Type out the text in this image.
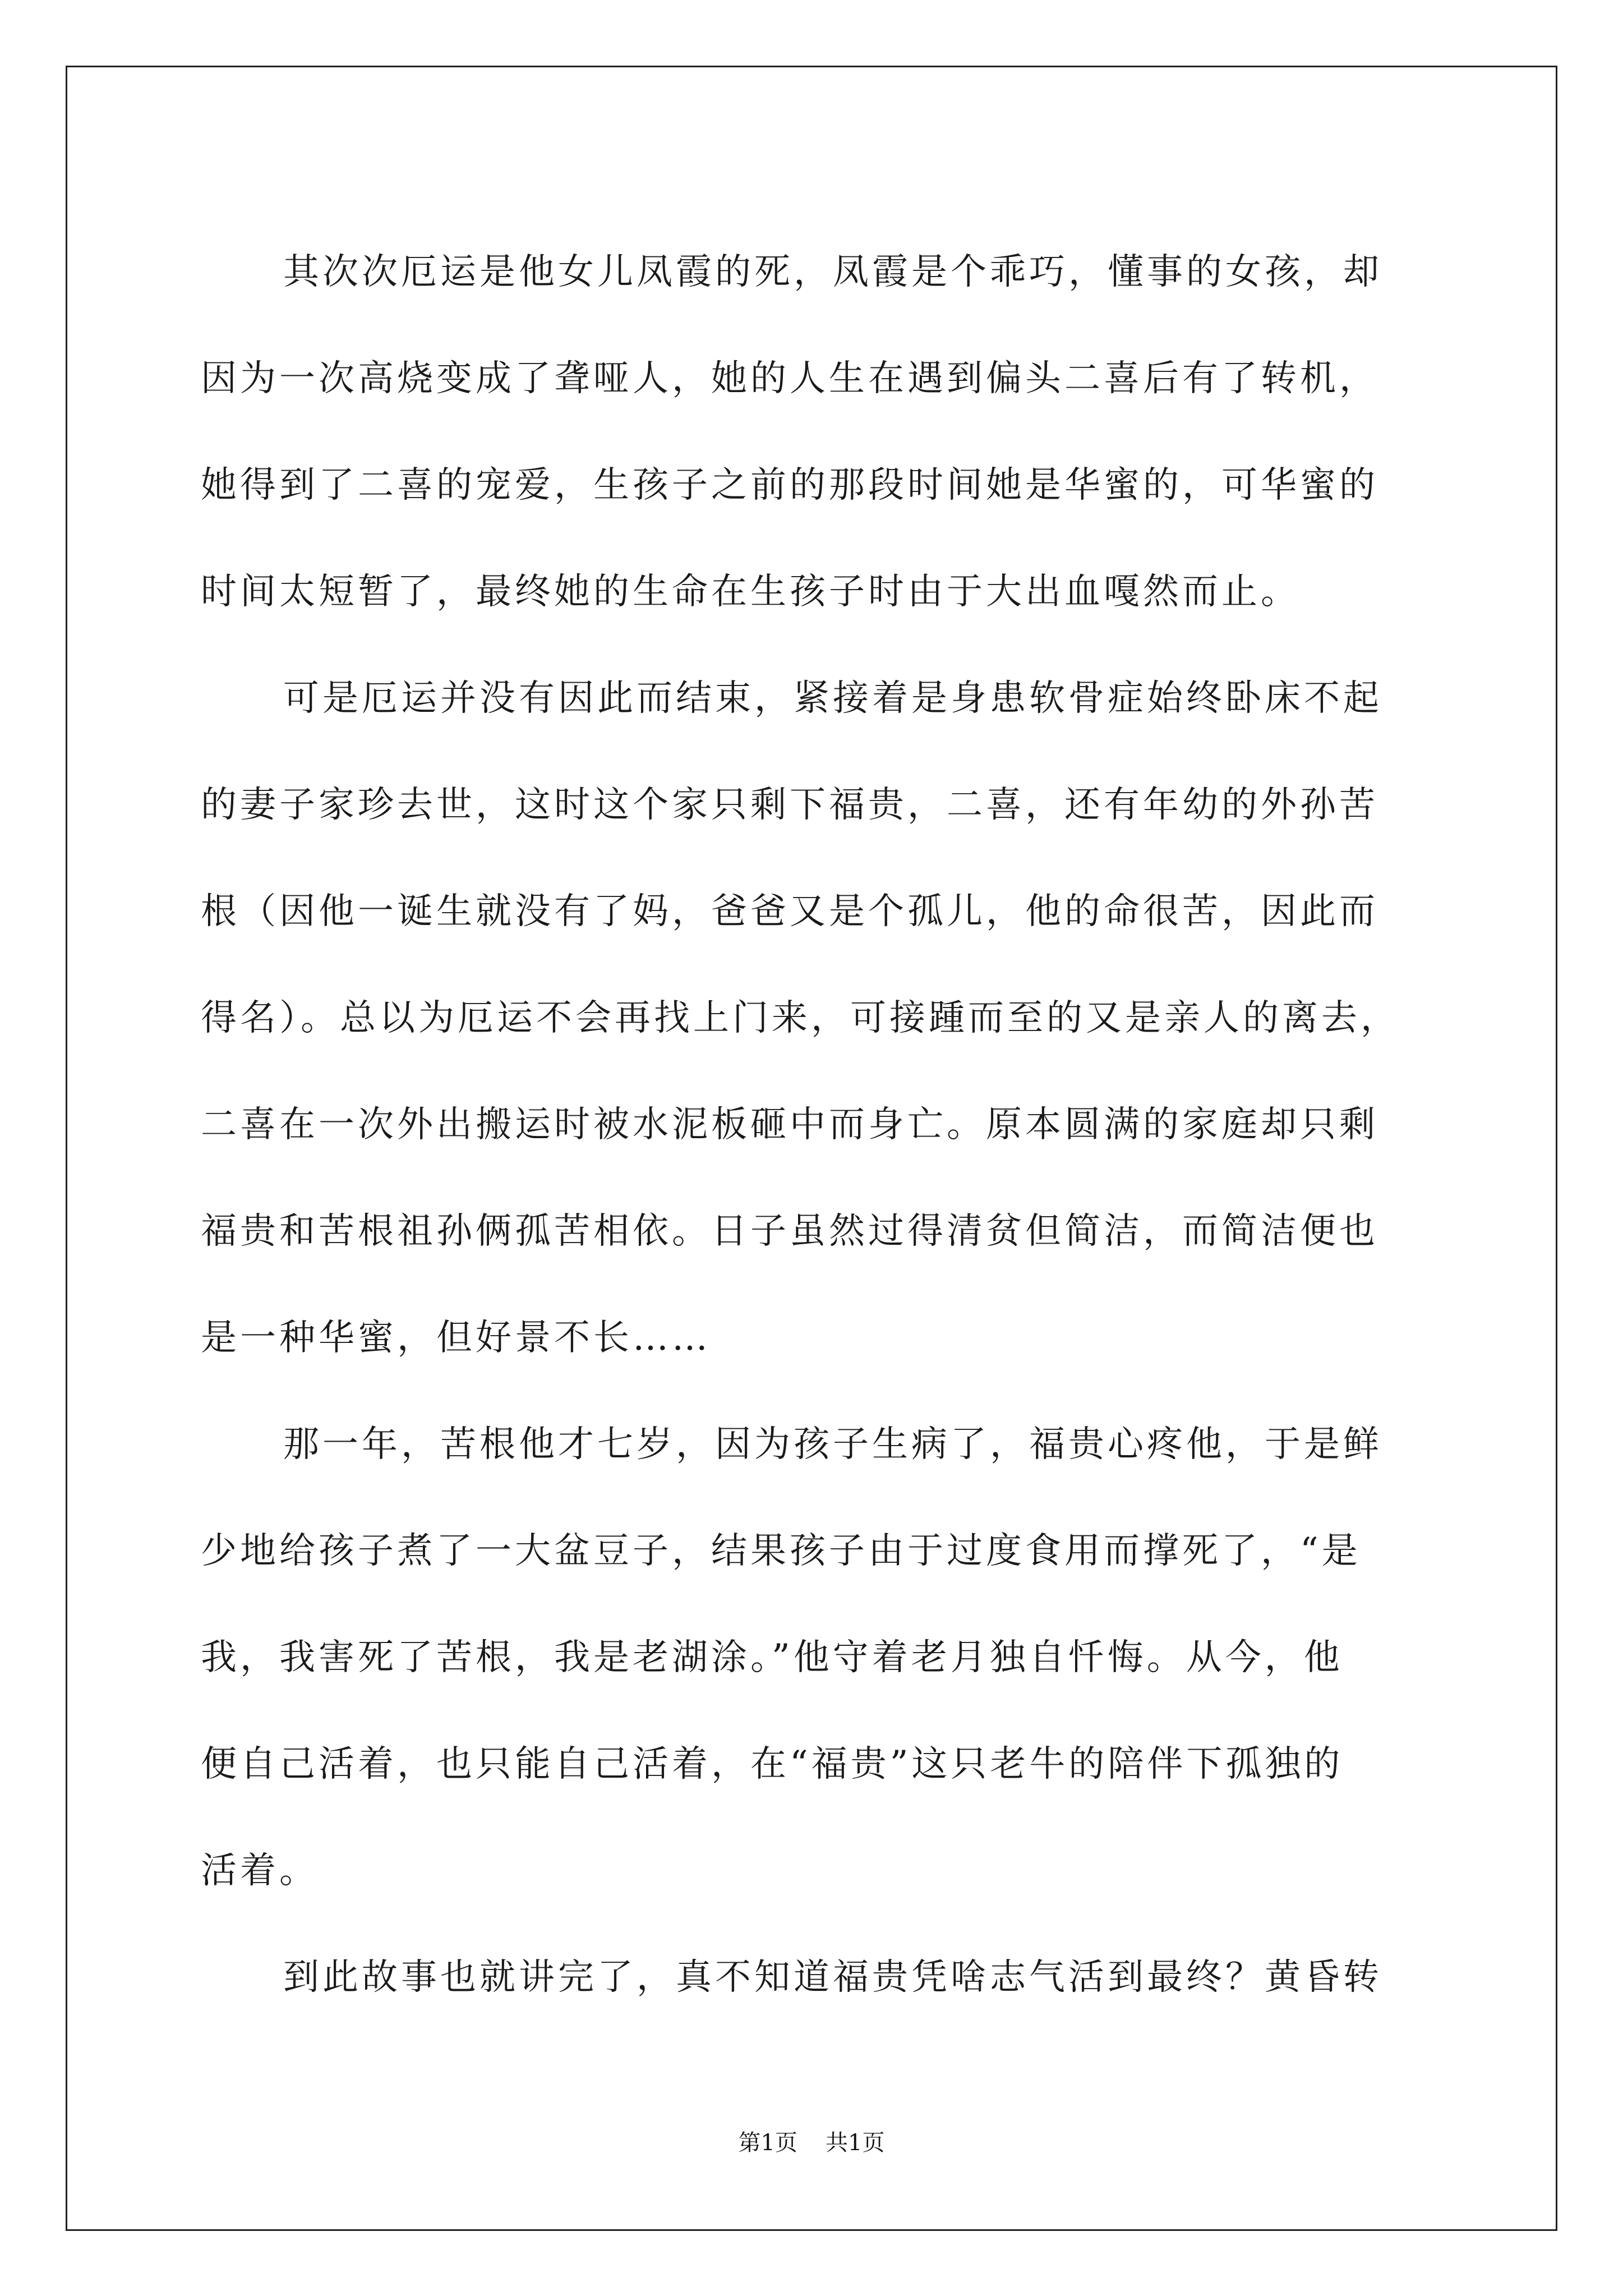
其次次厄运是他女儿凤霞的死，凤霞是个乖巧，懂事的女孩，却
因为一次高烧变成了聋哑人，她的人生在遇到偏头二喜后有了转机，
她得到了二喜的宠爱，生孩子之前的那段时间她是华蜜的，可华蜜的
时间太短暂了，最终她的生命在生孩子时由于大出血嘎然而止。

可是厄运并没有因此而结束，紧接着是身患软骨症始终卧床不起
的妻子家珍去世，这时这个家只剩下福贵，二喜，还有年幼的外孙苦
根（因他一诞生就没有了妈，爸爸又是个孤儿，他的命很苦，因此而
得名）。总以为厄运不会再找上门来，可接踵而至的又是亲人的离去，
二喜在一次外出搬运时被水泥板砸中而身亡。原本圆满的家庭却只剩
福贵和苦根祖孙俩孤苦相依。日子虽然过得清贫但简洁，而简洁便也
是一种华蜜，但好景不长……

那一年，苦根他才七岁，因为孩子生病了，福贵心疼他，于是鲜
少地给孩子煮了一大盆豆子，结果孩子由于过度食用而撑死了，“是
我，我害死了苦根，我是老湖涂。”他守着老月独自忏悔。从今，他
便自己活着，也只能自己活着，在“福贵”这只老牛的陪伴下孤独的
活着。

到此故事也就讲完了，真不知道福贵凭啥志气活到最终？黄昏转

第1页 共1页
